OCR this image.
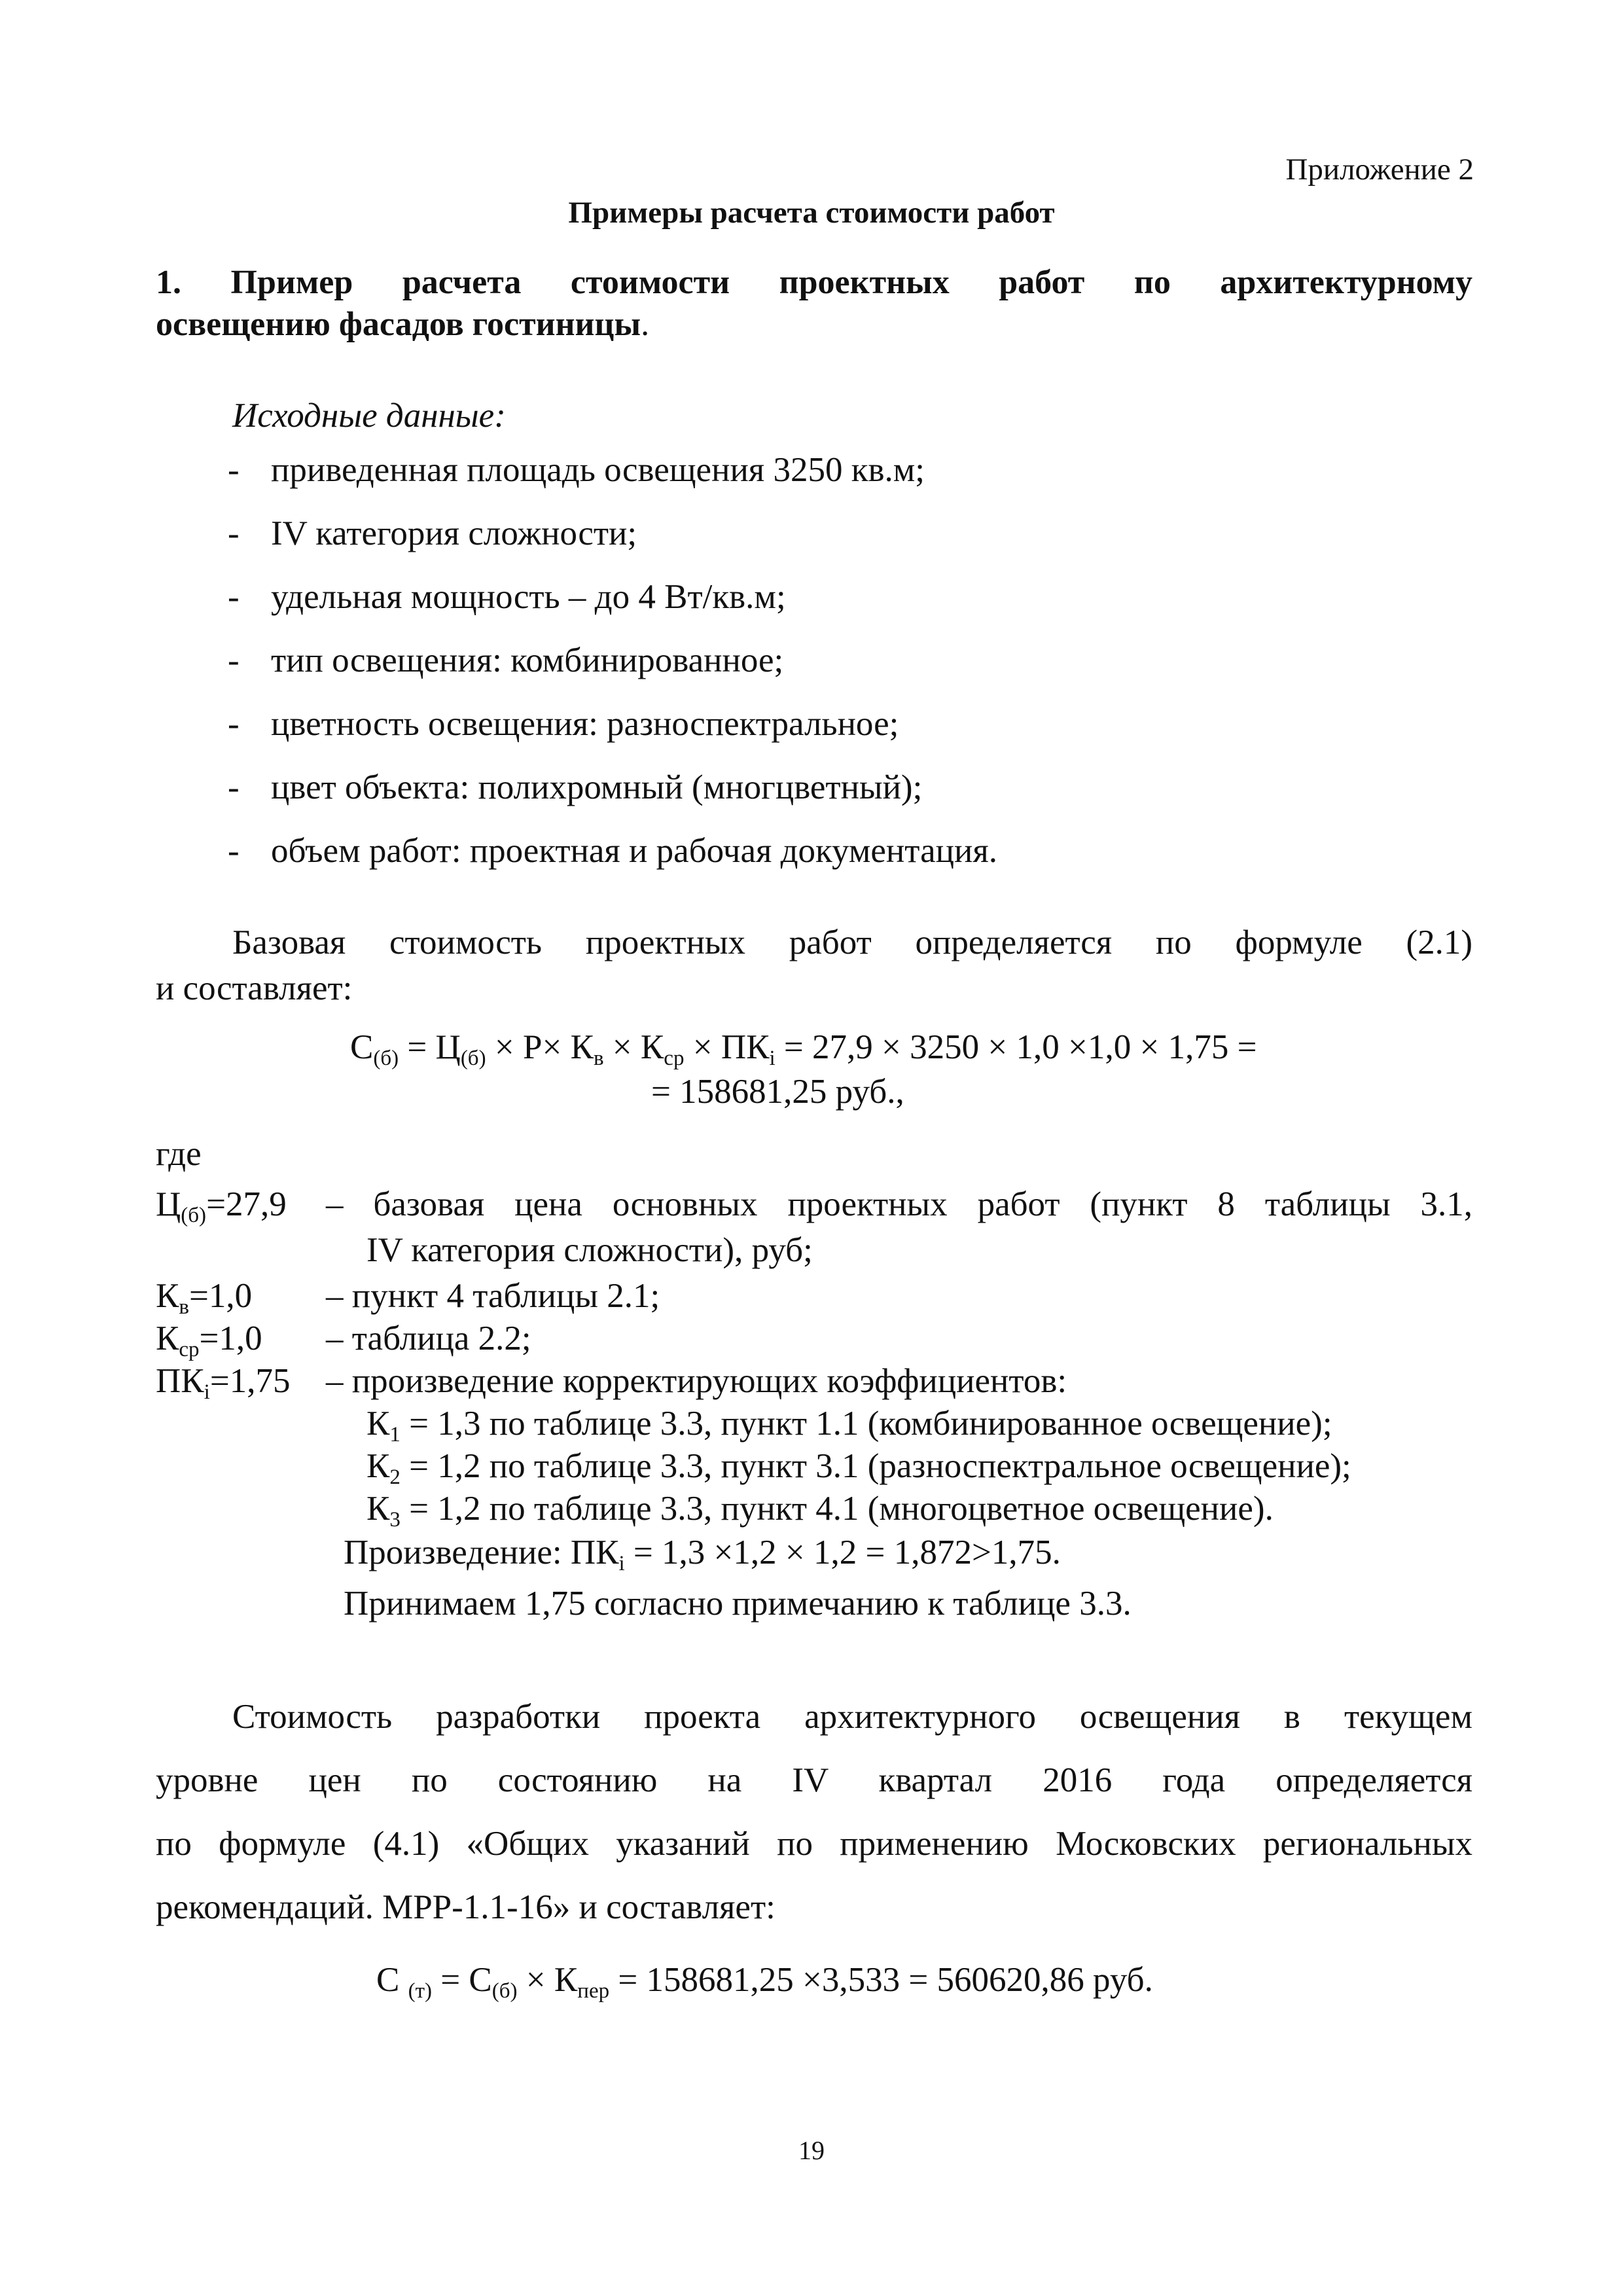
Приложение 2
Примеры расчета стоимости работ
1. Пример расчета стоимости проектных работ по архитектурному
освещению фасадов гостиницы.
Исходные данные:
- приведенная площадь освещения 3250 кв.м;
- IV категория сложности;
- удельная мощность – до 4 Вт/кв.м;
- тип освещения: комбинированное;
- цветность освещения: разноспектральное;
- цвет объекта: полихромный (многцветный);
- объем работ: проектная и рабочая документация.
Базовая стоимость проектных работ определяется по формуле (2.1)
и составляет:
$С_{(б)} = Ц_{(б)} \times Р\times К_в \times К_{ср} \times ПК_i = 27,9 \times 3250 \times 1,0 \times 1,0 \times 1,75$ =
= 158681,25 руб.,
где
$Ц_{(б)}=27,9$ – базовая цена основных проектных работ (пункт 8 таблицы 3.1,
IV категория сложности), руб;
$К_в=1,0$ – пункт 4 таблицы 2.1;
$К_{ср}=1,0$ – таблица 2.2;
$ПК_i=1,75$ – произведение корректирующих коэффициентов:
$К_1 = 1,3$ по таблице 3.3, пункт 1.1 (комбинированное освещение);
$К_2 = 1,2$ по таблице 3.3, пункт 3.1 (разноспектральное освещение);
$К_3 = 1,2$ по таблице 3.3, пункт 4.1 (многоцветное освещение).
Произведение: $ПК_i = 1,3 \times 1,2 \times 1,2 = 1,872>1,75$.
Принимаем 1,75 согласно примечанию к таблице 3.3.
Стоимость разработки проекта архитектурного освещения в текущем
уровне цен по состоянию на IV квартал 2016 года определяется
по формуле (4.1) «Общих указаний по применению Московских региональных
рекомендаций. МРР-1.1-16» и составляет:
С $_{(т)} = С_{(б)} \times К_{пер} = 158681,25 \times 3,533 = 560620,86$ руб.
19
